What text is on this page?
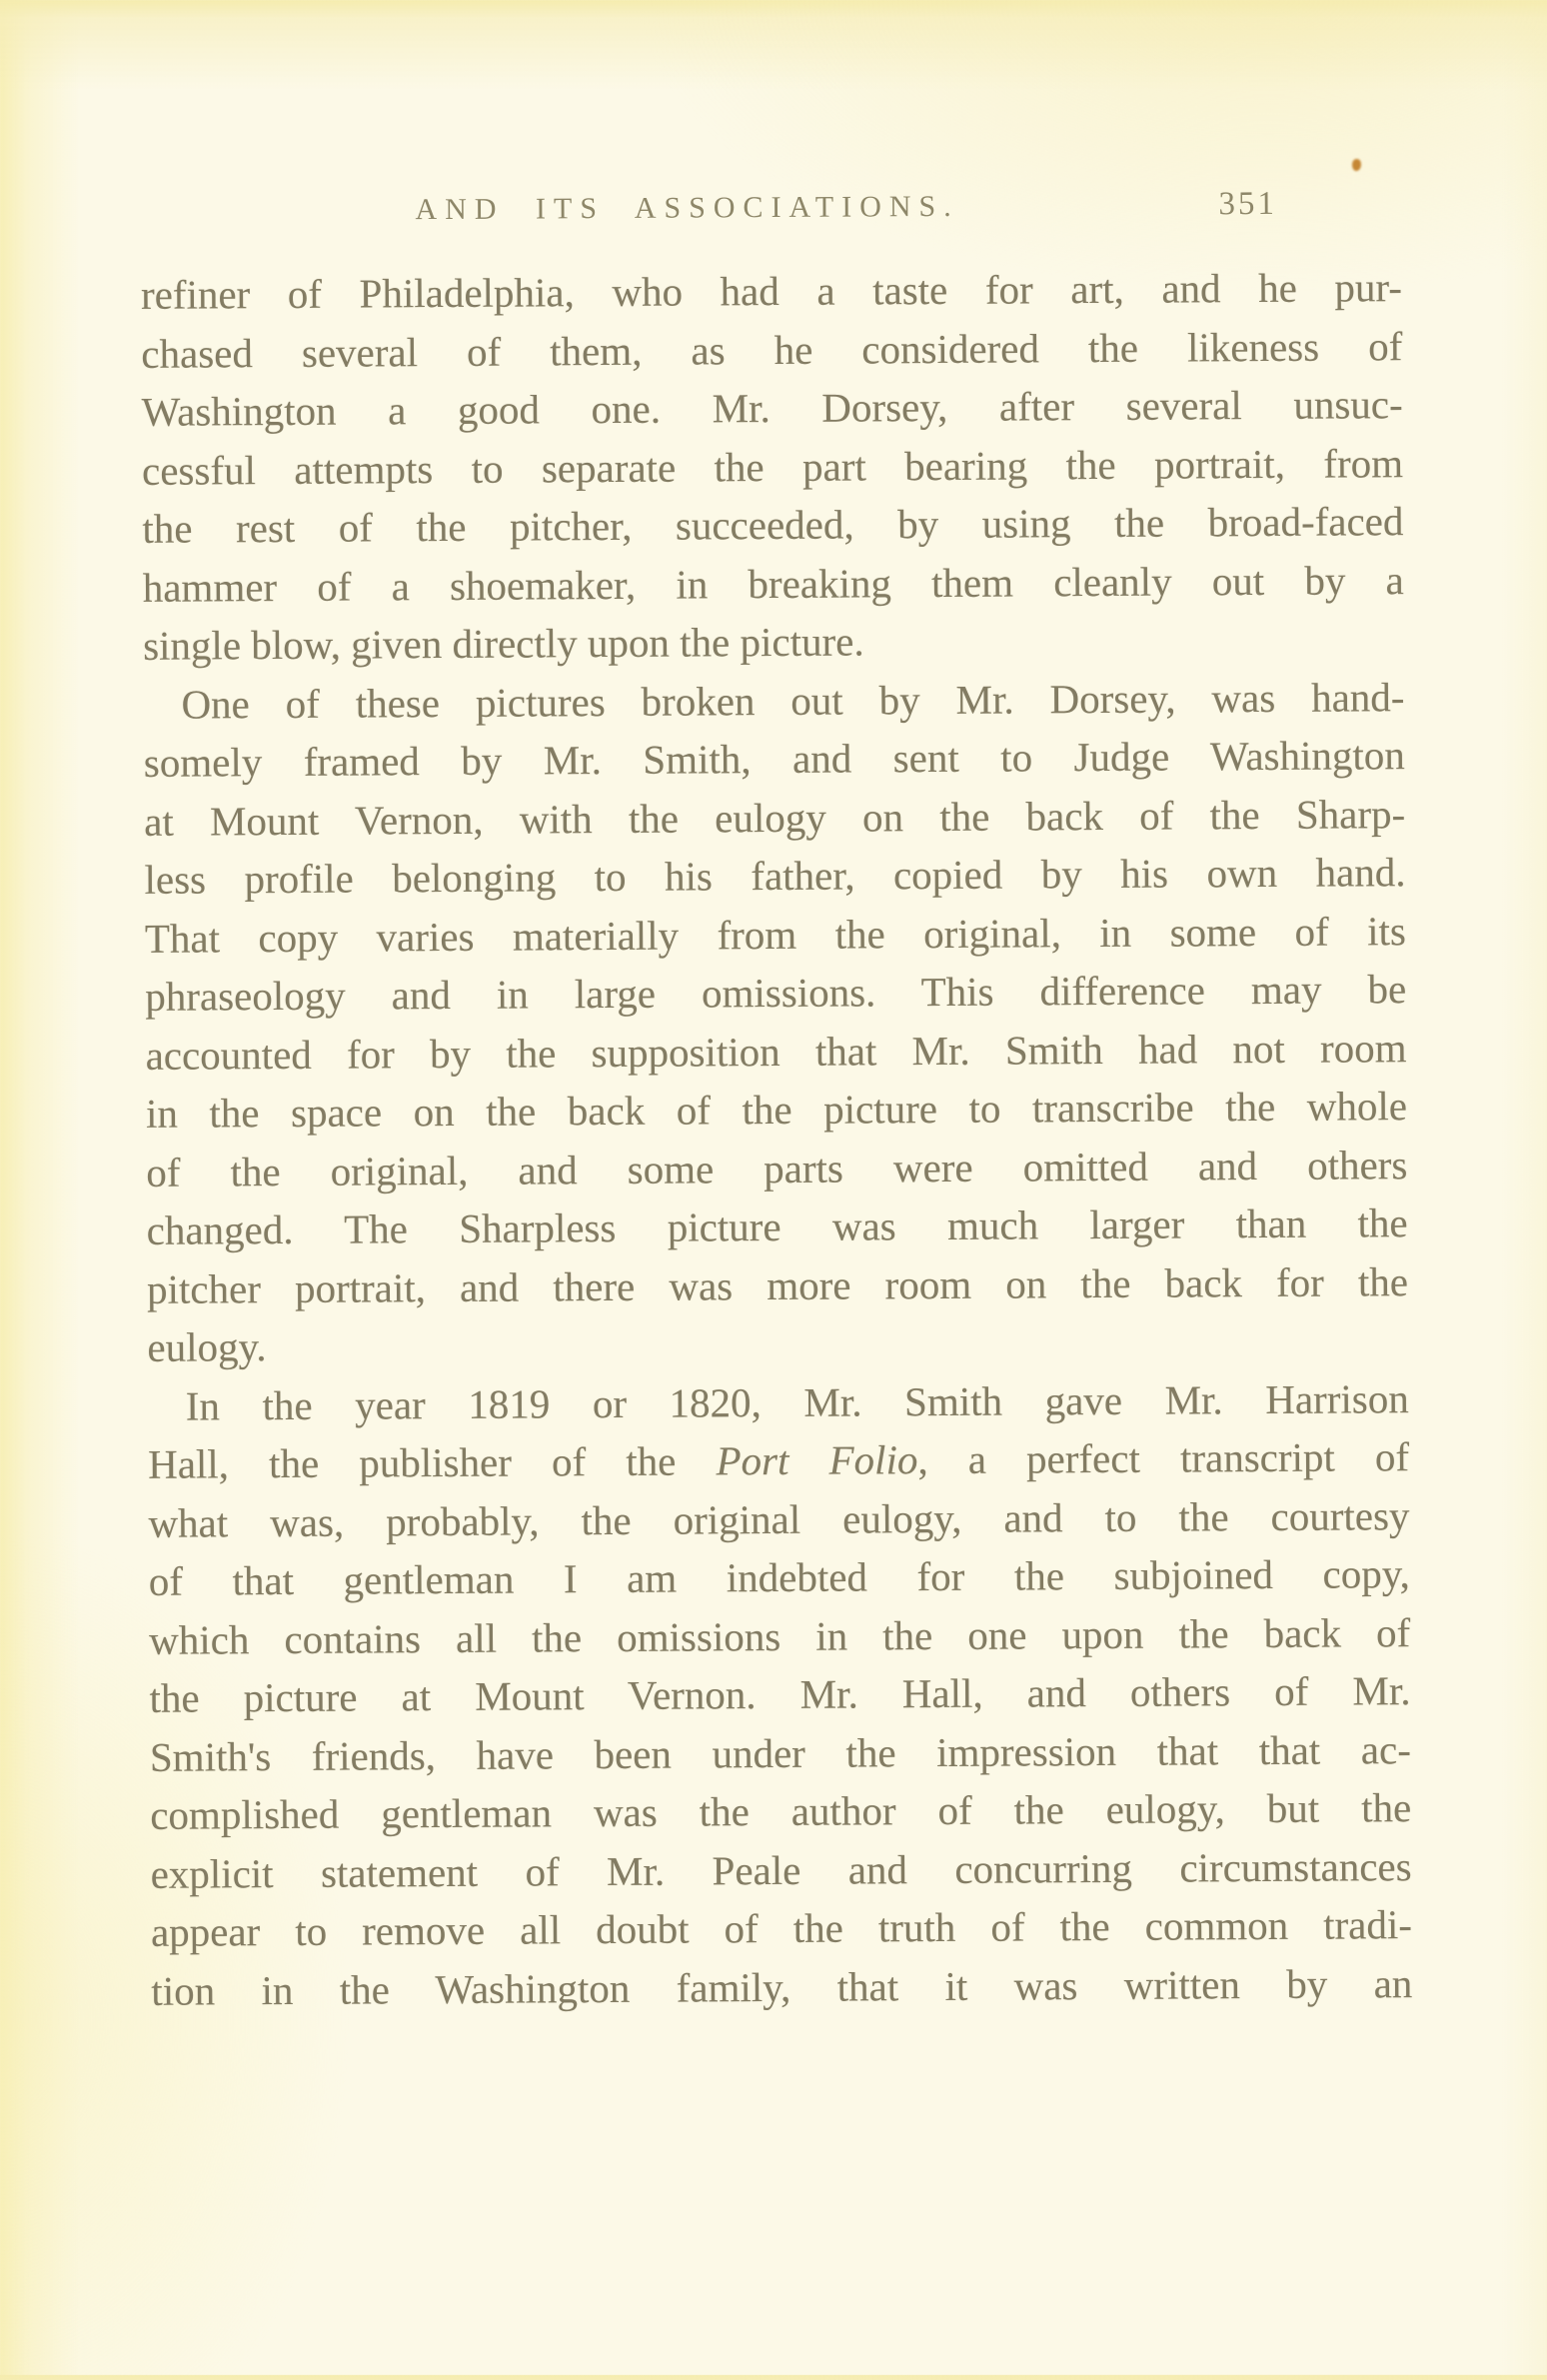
AND ITS ASSOCIATIONS.	351
refiner of Philadelphia, who had a taste for art, and he pur-
chased several of them, as he considered the likeness of
Washington a good one. Mr. Dorsey, after several unsuc-
cessful attempts to separate the part bearing the portrait, from
the rest of the pitcher, succeeded, by using the broad-faced
hammer of a shoemaker, in breaking them cleanly out by a
single blow, given directly upon the picture.
One of these pictures broken out by Mr. Dorsey, was hand-
somely framed by Mr. Smith, and sent to Judge Washington
at Mount Vernon, with the eulogy on the back of the Sharp-
less profile belonging to his father, copied by his own hand.
That copy varies materially from the original, in some of its
phraseology and in large omissions. This difference may be
accounted for by the supposition that Mr. Smith had not room
in the space on the back of the picture to transcribe the whole
of the original, and some parts were omitted and others
changed. The Sharpless picture was much larger than the
pitcher portrait, and there was more room on the back for the
eulogy.
In the year 1819 or 1820, Mr. Smith gave Mr. Harrison
Hall, the publisher of the Port Folio, a perfect transcript of
what was, probably, the original eulogy, and to the courtesy
of that gentleman I am indebted for the subjoined copy,
which contains all the omissions in the one upon the back of
the picture at Mount Vernon. Mr. Hall, and others of Mr.
Smith's friends, have been under the impression that that ac-
complished gentleman was the author of the eulogy, but the
explicit statement of Mr. Peale and concurring circumstances
appear to remove all doubt of the truth of the common tradi-
tion in the Washington family, that it was written by an
